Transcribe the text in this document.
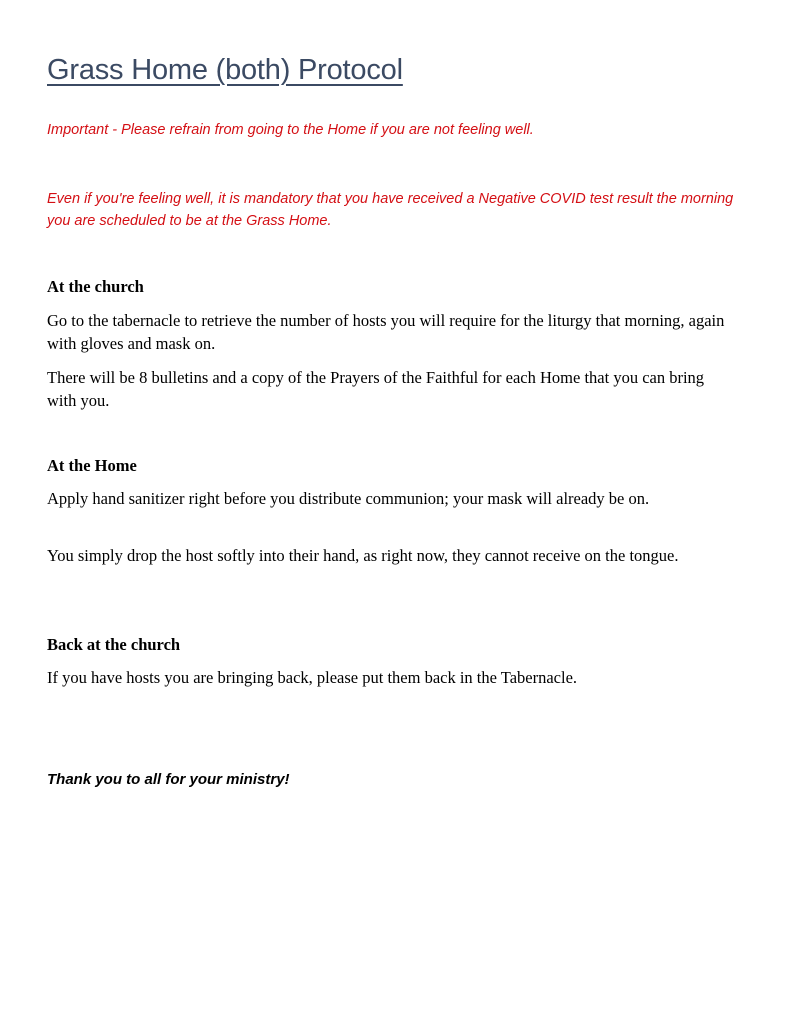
Grass Home (both) Protocol

Important - Please refrain from going to the Home if you are not feeling well.

Even if you're feeling well, it is mandatory that you have received a Negative COVID test result the morning you are scheduled to be at the Grass Home.

At the church

Go to the tabernacle to retrieve the number of hosts you will require for the liturgy that morning, again with gloves and mask on.

There will be 8 bulletins and a copy of the Prayers of the Faithful for each Home that you can bring with you.

At the Home

Apply hand sanitizer right before you distribute communion; your mask will already be on.

You simply drop the host softly into their hand, as right now, they cannot receive on the tongue.

Back at the church

If you have hosts you are bringing back, please put them back in the Tabernacle.

Thank you to all for your ministry!
